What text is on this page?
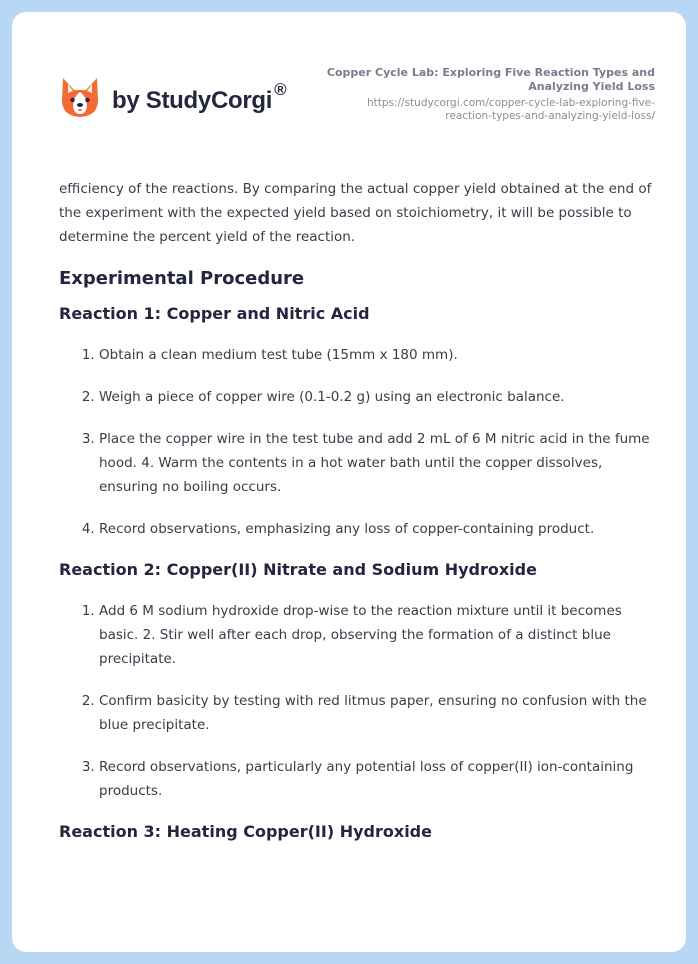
by StudyCorgi ®
Copper Cycle Lab: Exploring Five Reaction Types and Analyzing Yield Loss
https://studycorgi.com/copper-cycle-lab-exploring-five-reaction-types-and-analyzing-yield-loss/

efficiency of the reactions. By comparing the actual copper yield obtained at the end of the experiment with the expected yield based on stoichiometry, it will be possible to determine the percent yield of the reaction.

Experimental Procedure
Reaction 1: Copper and Nitric Acid
1. Obtain a clean medium test tube (15mm x 180 mm).
2. Weigh a piece of copper wire (0.1-0.2 g) using an electronic balance.
3. Place the copper wire in the test tube and add 2 mL of 6 M nitric acid in the fume hood. 4. Warm the contents in a hot water bath until the copper dissolves, ensuring no boiling occurs.
4. Record observations, emphasizing any loss of copper-containing product.
Reaction 2: Copper(II) Nitrate and Sodium Hydroxide
1. Add 6 M sodium hydroxide drop-wise to the reaction mixture until it becomes basic. 2. Stir well after each drop, observing the formation of a distinct blue precipitate.
2. Confirm basicity by testing with red litmus paper, ensuring no confusion with the blue precipitate.
3. Record observations, particularly any potential loss of copper(II) ion-containing products.
Reaction 3: Heating Copper(II) Hydroxide
